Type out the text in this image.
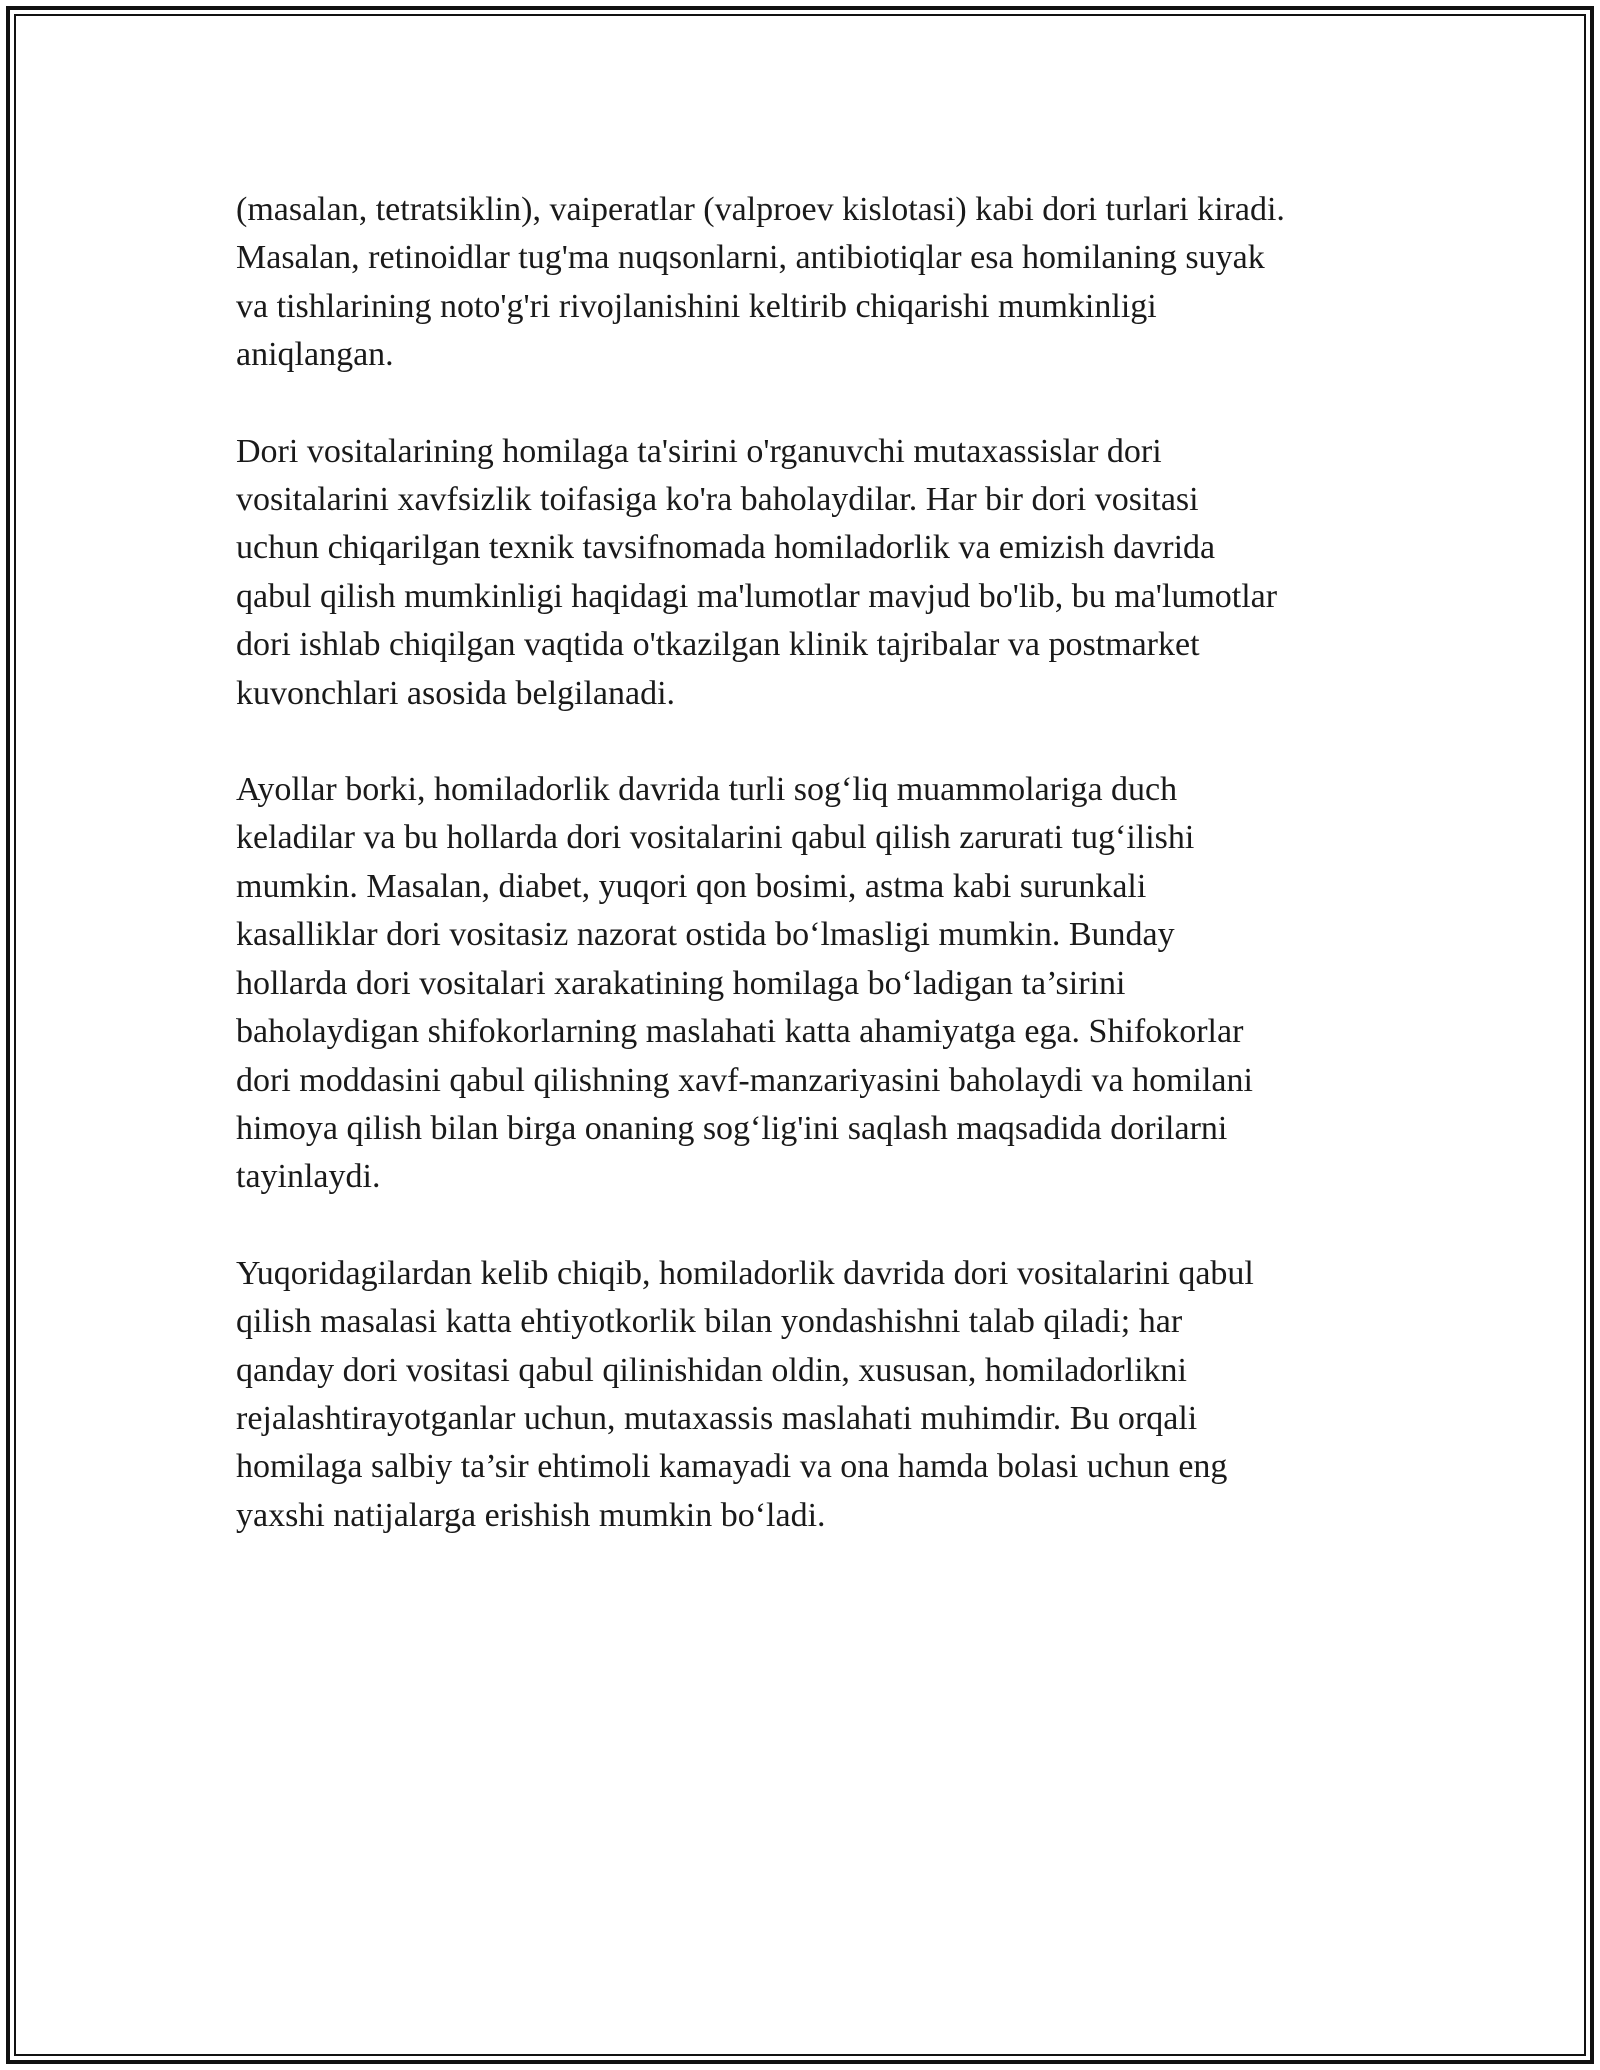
(masalan, tetratsiklin), vaiperatlar (valproev kislotasi) kabi dori turlari kiradi.
Masalan, retinoidlar tug'ma nuqsonlarni, antibiotiqlar esa homilaning suyak
va tishlarining noto'g'ri rivojlanishini keltirib chiqarishi mumkinligi
aniqlangan.

Dori vositalarining homilaga ta'sirini o'rganuvchi mutaxassislar dori
vositalarini xavfsizlik toifasiga ko'ra baholaydilar. Har bir dori vositasi
uchun chiqarilgan texnik tavsifnomada homiladorlik va emizish davrida
qabul qilish mumkinligi haqidagi ma'lumotlar mavjud bo'lib, bu ma'lumotlar
dori ishlab chiqilgan vaqtida o'tkazilgan klinik tajribalar va postmarket
kuvonchlari asosida belgilanadi.

Ayollar borki, homiladorlik davrida turli sog‘liq muammolariga duch
keladilar va bu hollarda dori vositalarini qabul qilish zarurati tug‘ilishi
mumkin. Masalan, diabet, yuqori qon bosimi, astma kabi surunkali
kasalliklar dori vositasiz nazorat ostida bo‘lmasligi mumkin. Bunday
hollarda dori vositalari xarakatining homilaga bo‘ladigan ta’sirini
baholaydigan shifokorlarning maslahati katta ahamiyatga ega. Shifokorlar
dori moddasini qabul qilishning xavf-manzariyasini baholaydi va homilani
himoya qilish bilan birga onaning sog‘lig'ini saqlash maqsadida dorilarni
tayinlaydi.

Yuqoridagilardan kelib chiqib, homiladorlik davrida dori vositalarini qabul
qilish masalasi katta ehtiyotkorlik bilan yondashishni talab qiladi; har
qanday dori vositasi qabul qilinishidan oldin, xususan, homiladorlikni
rejalashtirayotganlar uchun, mutaxassis maslahati muhimdir. Bu orqali
homilaga salbiy ta’sir ehtimoli kamayadi va ona hamda bolasi uchun eng
yaxshi natijalarga erishish mumkin bo‘ladi.
